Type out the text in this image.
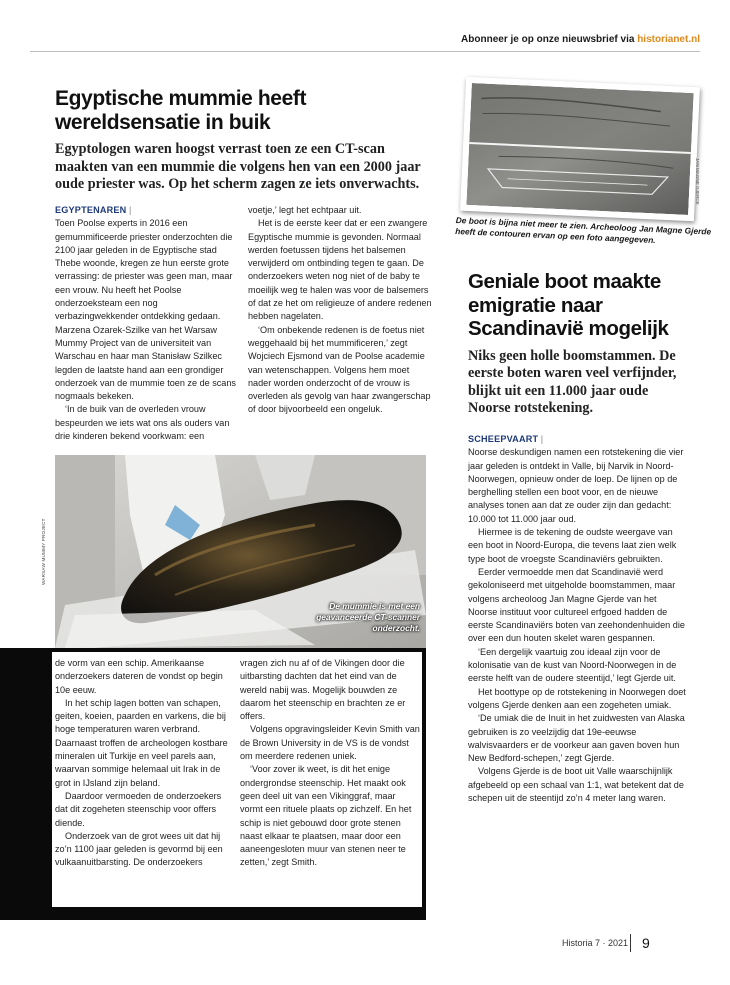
Abonneer je op onze nieuwsbrief via historianet.nl
Egyptische mummie heeft wereldsensatie in buik
Egyptologen waren hoogst verrast toen ze een CT-scan maakten van een mummie die volgens hen van een 2000 jaar oude priester was. Op het scherm zagen ze iets onverwachts.

EGYPTENAREN |

Toen Poolse experts in 2016 een gemummificeerde priester onderzochten die 2100 jaar geleden in de Egyptische stad Thebe woonde, kregen ze hun eerste grote verrassing: de priester was geen man, maar een vrouw. Nu heeft het Poolse onderzoeksteam een nog verbazingwekkender ontdekking gedaan. Marzena Ozarek-Szilke van het Warsaw Mummy Project van de universiteit van Warschau en haar man Stanisław Szilkec legden de laatste hand aan een grondiger onderzoek van de mummie toen ze de scans nogmaals bekeken.

‘In de buik van de overleden vrouw bespeurden we iets wat ons als ouders van drie kinderen bekend voorkwam: een

voetje,’ legt het echtpaar uit.

Het is de eerste keer dat er een zwangere Egyptische mummie is gevonden. Normaal werden foetussen tijdens het balsemen verwijderd om ontbinding tegen te gaan. De onderzoekers weten nog niet of de baby te moeilijk weg te halen was voor de balsemers of dat ze het om religieuze of andere redenen hebben nagelaten.

‘Om onbekende redenen is de foetus niet weggehaald bij het mummificeren,’ zegt Wojciech Ejsmond van de Poolse academie van wetenschappen. Volgens hem moet nader worden onderzocht of de vrouw is overleden als gevolg van haar zwangerschap of door bijvoorbeeld een ongeluk.

De mummie is met een geavanceerde CT-scanner onderzocht.
WARSAW MUMMY PROJECT

de vorm van een schip. Amerikaanse onderzoekers dateren de vondst op begin 10e eeuw.

In het schip lagen botten van schapen, geiten, koeien, paarden en varkens, die bij hoge temperaturen waren verbrand. Daarnaast troffen de archeologen kostbare mineralen uit Turkije en veel parels aan, waarvan sommige helemaal uit Irak in de grot in IJsland zijn beland.

Daardoor vermoeden de onderzoekers dat dit zogeheten steenschip voor offers diende.

Onderzoek van de grot wees uit dat hij zo’n 1100 jaar geleden is gevormd bij een vulkaanuitbarsting. De onderzoekers

vragen zich nu af of de Vikingen door die uitbarsting dachten dat het eind van de wereld nabij was. Mogelijk bouwden ze daarom het steenschip en brachten ze er offers.

Volgens opgravingsleider Kevin Smith van de Brown University in de VS is de vondst om meerdere redenen uniek.

‘Voor zover ik weet, is dit het enige ondergrondse steenschip. Het maakt ook geen deel uit van een Vikinggraf, maar vormt een rituele plaats op zichzelf. En het schip is niet gebouwd door grote stenen naast elkaar te plaatsen, maar door een aaneengesloten muur van stenen neer te zetten,’ zegt Smith.

JAN MAGNE GJERDE
De boot is bijna niet meer te zien. Archeoloog Jan Magne Gjerde heeft de contouren ervan op een foto aangegeven.
Geniale boot maakte emigratie naar Scandinavië mogelijk
Niks geen holle boomstammen. De eerste boten waren veel verfijnder, blijkt uit een 11.000 jaar oude Noorse rotstekening.

SCHEEPVAART |

Noorse deskundigen namen een rotstekening die vier jaar geleden is ontdekt in Valle, bij Narvik in Noord-Noorwegen, opnieuw onder de loep. De lijnen op de berghelling stellen een boot voor, en de nieuwe analyses tonen aan dat ze ouder zijn dan gedacht: 10.000 tot 11.000 jaar oud.

Hiermee is de tekening de oudste weergave van een boot in Noord-Europa, die tevens laat zien welk type boot de vroegste Scandinaviërs gebruikten.

Eerder vermoedde men dat Scandinavië werd gekoloniseerd met uitgeholde boomstammen, maar volgens archeoloog Jan Magne Gjerde van het Noorse instituut voor cultureel erfgoed hadden de eerste Scandinaviërs boten van zeehondenhuiden die over een dun houten skelet waren gespannen.

‘Een dergelijk vaartuig zou ideaal zijn voor de kolonisatie van de kust van Noord-Noorwegen in de eerste helft van de oudere steentijd,’ legt Gjerde uit.

Het boottype op de rotstekening in Noorwegen doet volgens Gjerde denken aan een zogeheten umiak.

‘De umiak die de Inuit in het zuidwesten van Alaska gebruiken is zo veelzijdig dat 19e-eeuwse walvisvaarders er de voorkeur aan gaven boven hun New Bedford-schepen,’ zegt Gjerde.

Volgens Gjerde is de boot uit Valle waarschijnlijk afgebeeld op een schaal van 1:1, wat betekent dat de schepen uit de steentijd zo’n 4 meter lang waren.

Historia 7 · 2021 9
